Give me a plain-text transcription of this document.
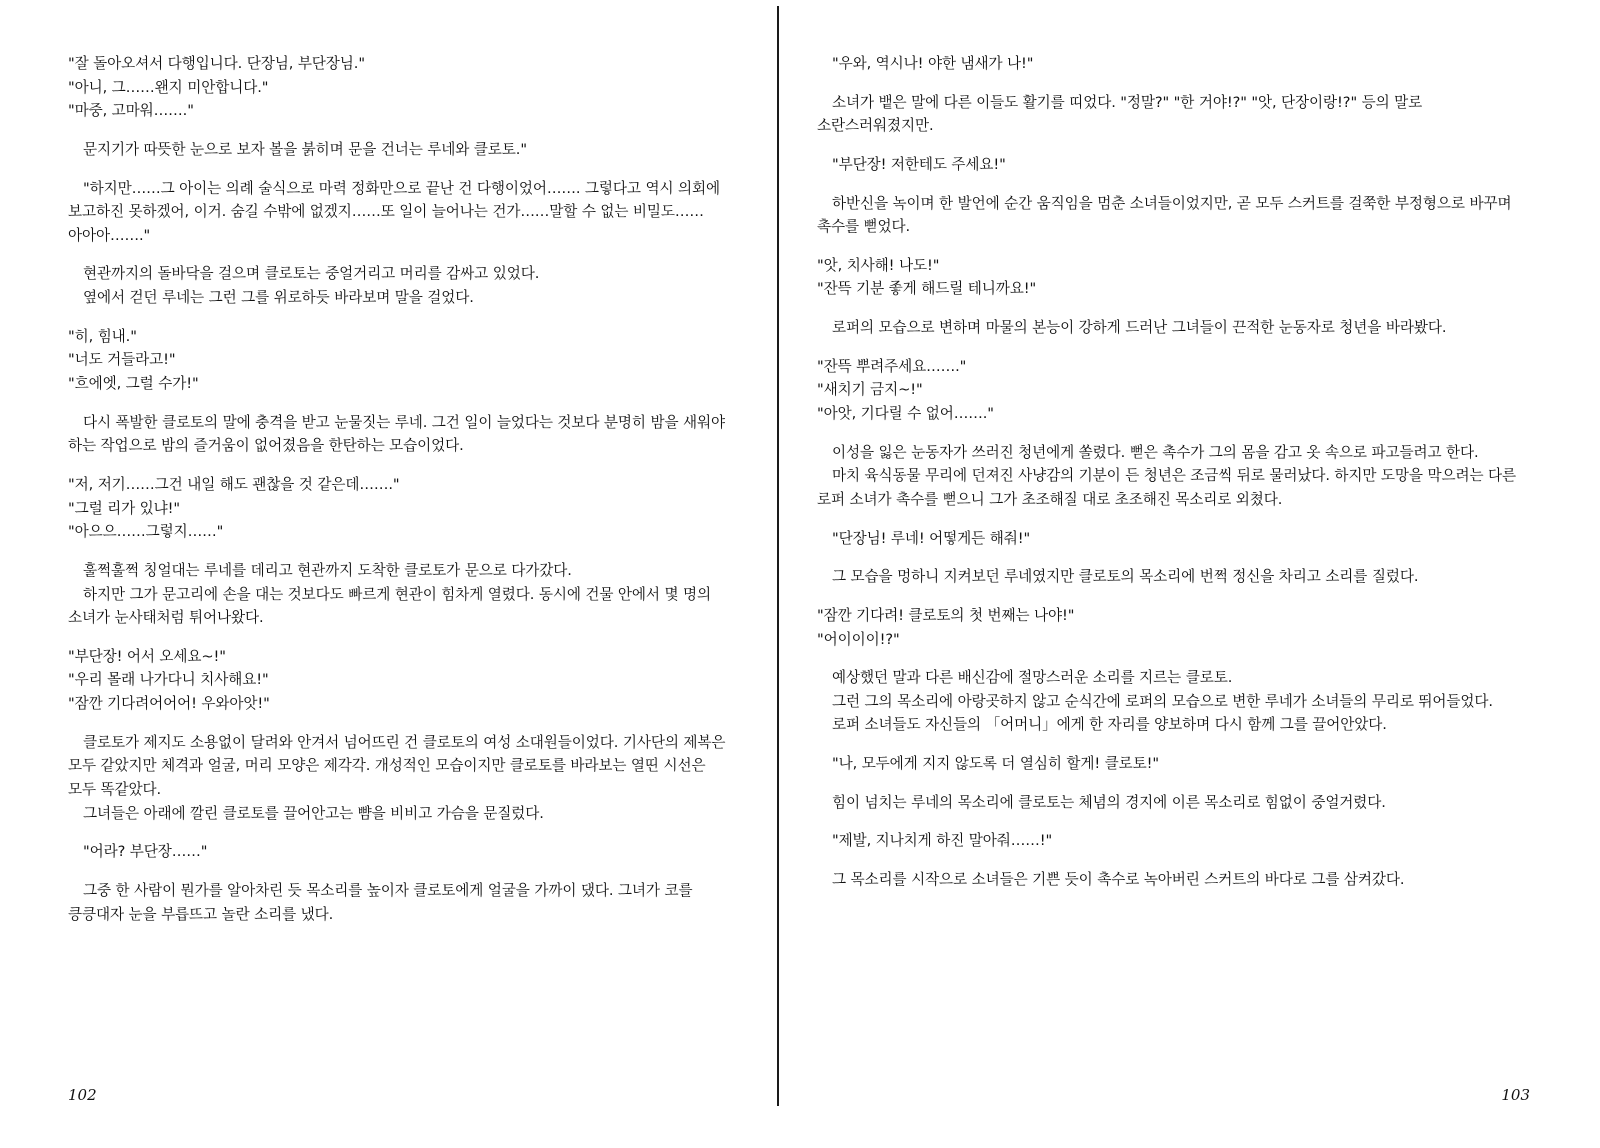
"잘 돌아오셔서 다행입니다. 단장님, 부단장님."
"아니, 그……왠지 미안합니다."
"마중, 고마워……."

문지기가 따뜻한 눈으로 보자 볼을 붉히며 문을 건너는 루네와 클로토."

"하지만……그 아이는 의례 술식으로 마력 정화만으로 끝난 건 다행이었어……. 그렇다고 역시 의회에 보고하진 못하겠어, 이거. 숨길 수밖에 없겠지……또 일이 늘어나는 건가……말할 수 없는 비밀도……아아아……."

현관까지의 돌바닥을 걸으며 클로토는 중얼거리고 머리를 감싸고 있었다.
옆에서 걷던 루네는 그런 그를 위로하듯 바라보며 말을 걸었다.

"히, 힘내."
"너도 거들라고!"
"흐에엣, 그럴 수가!"

다시 폭발한 클로토의 말에 충격을 받고 눈물짓는 루네. 그건 일이 늘었다는 것보다 분명히 밤을 새워야 하는 작업으로 밤의 즐거움이 없어졌음을 한탄하는 모습이었다.

"저, 저기……그건 내일 해도 괜찮을 것 같은데……."
"그럴 리가 있냐!"
"아으으……그렇지……"

훌쩍훌쩍 칭얼대는 루네를 데리고 현관까지 도착한 클로토가 문으로 다가갔다.
하지만 그가 문고리에 손을 대는 것보다도 빠르게 현관이 힘차게 열렸다. 동시에 건물 안에서 몇 명의 소녀가 눈사태처럼 튀어나왔다.

"부단장! 어서 오세요~!"
"우리 몰래 나가다니 치사해요!"
"잠깐 기다려어어어! 우와아앗!"

클로토가 제지도 소용없이 달려와 안겨서 넘어뜨린 건 클로토의 여성 소대원들이었다. 기사단의 제복은 모두 같았지만 체격과 얼굴, 머리 모양은 제각각. 개성적인 모습이지만 클로토를 바라보는 열띤 시선은 모두 똑같았다.
그녀들은 아래에 깔린 클로토를 끌어안고는 뺨을 비비고 가슴을 문질렀다.

"어라? 부단장……"

그중 한 사람이 뭔가를 알아차린 듯 목소리를 높이자 클로토에게 얼굴을 가까이 댔다. 그녀가 코를 킁킁대자 눈을 부릅뜨고 놀란 소리를 냈다.

102

"우와, 역시나! 야한 냄새가 나!"

소녀가 뱉은 말에 다른 이들도 활기를 띠었다. "정말?" "한 거야!?" "앗, 단장이랑!?" 등의 말로 소란스러워졌지만.

"부단장! 저한테도 주세요!"

하반신을 녹이며 한 발언에 순간 움직임을 멈춘 소녀들이었지만, 곧 모두 스커트를 걸쭉한 부정형으로 바꾸며 촉수를 뻗었다.

"앗, 치사해! 나도!"
"잔뜩 기분 좋게 해드릴 테니까요!"

로퍼의 모습으로 변하며 마물의 본능이 강하게 드러난 그녀들이 끈적한 눈동자로 청년을 바라봤다.

"잔뜩 뿌려주세요……."
"새치기 금지~!"
"아앗, 기다릴 수 없어……."

이성을 잃은 눈동자가 쓰러진 청년에게 쏠렸다. 뻗은 촉수가 그의 몸을 감고 옷 속으로 파고들려고 한다.
마치 육식동물 무리에 던져진 사냥감의 기분이 든 청년은 조금씩 뒤로 물러났다. 하지만 도망을 막으려는 다른 로퍼 소녀가 촉수를 뻗으니 그가 초조해질 대로 초조해진 목소리로 외쳤다.

"단장님! 루네! 어떻게든 해줘!"

그 모습을 멍하니 지켜보던 루네였지만 클로토의 목소리에 번쩍 정신을 차리고 소리를 질렀다.

"잠깐 기다려! 클로토의 첫 번째는 나야!"
"어이이이!?"

예상했던 말과 다른 배신감에 절망스러운 소리를 지르는 클로토.
그런 그의 목소리에 아랑곳하지 않고 순식간에 로퍼의 모습으로 변한 루네가 소녀들의 무리로 뛰어들었다.
로퍼 소녀들도 자신들의 「어머니」에게 한 자리를 양보하며 다시 함께 그를 끌어안았다.

"나, 모두에게 지지 않도록 더 열심히 할게! 클로토!"

힘이 넘치는 루네의 목소리에 클로토는 체념의 경지에 이른 목소리로 힘없이 중얼거렸다.

"제발, 지나치게 하진 말아줘……!"

그 목소리를 시작으로 소녀들은 기쁜 듯이 촉수로 녹아버린 스커트의 바다로 그를 삼켜갔다.

103
